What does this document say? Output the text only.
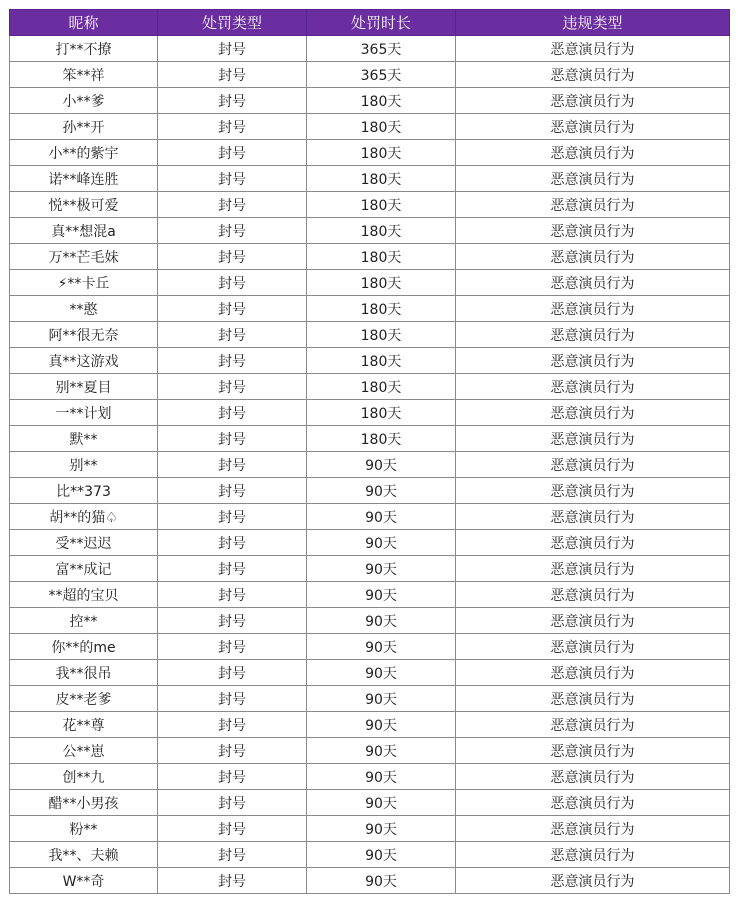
昵称	处罚类型	处罚时长	违规类型
打**不撩	封号	365天	恶意演员行为
笨**祥	封号	365天	恶意演员行为
小**爹	封号	180天	恶意演员行为
孙**开	封号	180天	恶意演员行为
小**的紫宇	封号	180天	恶意演员行为
诺**峰连胜	封号	180天	恶意演员行为
悦**极可爱	封号	180天	恶意演员行为
真**想混a	封号	180天	恶意演员行为
万**芒毛妹	封号	180天	恶意演员行为
⚡**卡丘	封号	180天	恶意演员行为
**憨	封号	180天	恶意演员行为
阿**很无奈	封号	180天	恶意演员行为
真**这游戏	封号	180天	恶意演员行为
别**夏目	封号	180天	恶意演员行为
一**计划	封号	180天	恶意演员行为
默**	封号	180天	恶意演员行为
别**	封号	90天	恶意演员行为
比**373	封号	90天	恶意演员行为
胡**的猫♤	封号	90天	恶意演员行为
受**迟迟	封号	90天	恶意演员行为
富**成记	封号	90天	恶意演员行为
**超的宝贝	封号	90天	恶意演员行为
控**	封号	90天	恶意演员行为
你**的me	封号	90天	恶意演员行为
我**很吊	封号	90天	恶意演员行为
皮**老爹	封号	90天	恶意演员行为
花**尊	封号	90天	恶意演员行为
公**崽	封号	90天	恶意演员行为
创**九	封号	90天	恶意演员行为
醋**小男孩	封号	90天	恶意演员行为
粉**	封号	90天	恶意演员行为
我**、夫赖	封号	90天	恶意演员行为
W**奇	封号	90天	恶意演员行为
